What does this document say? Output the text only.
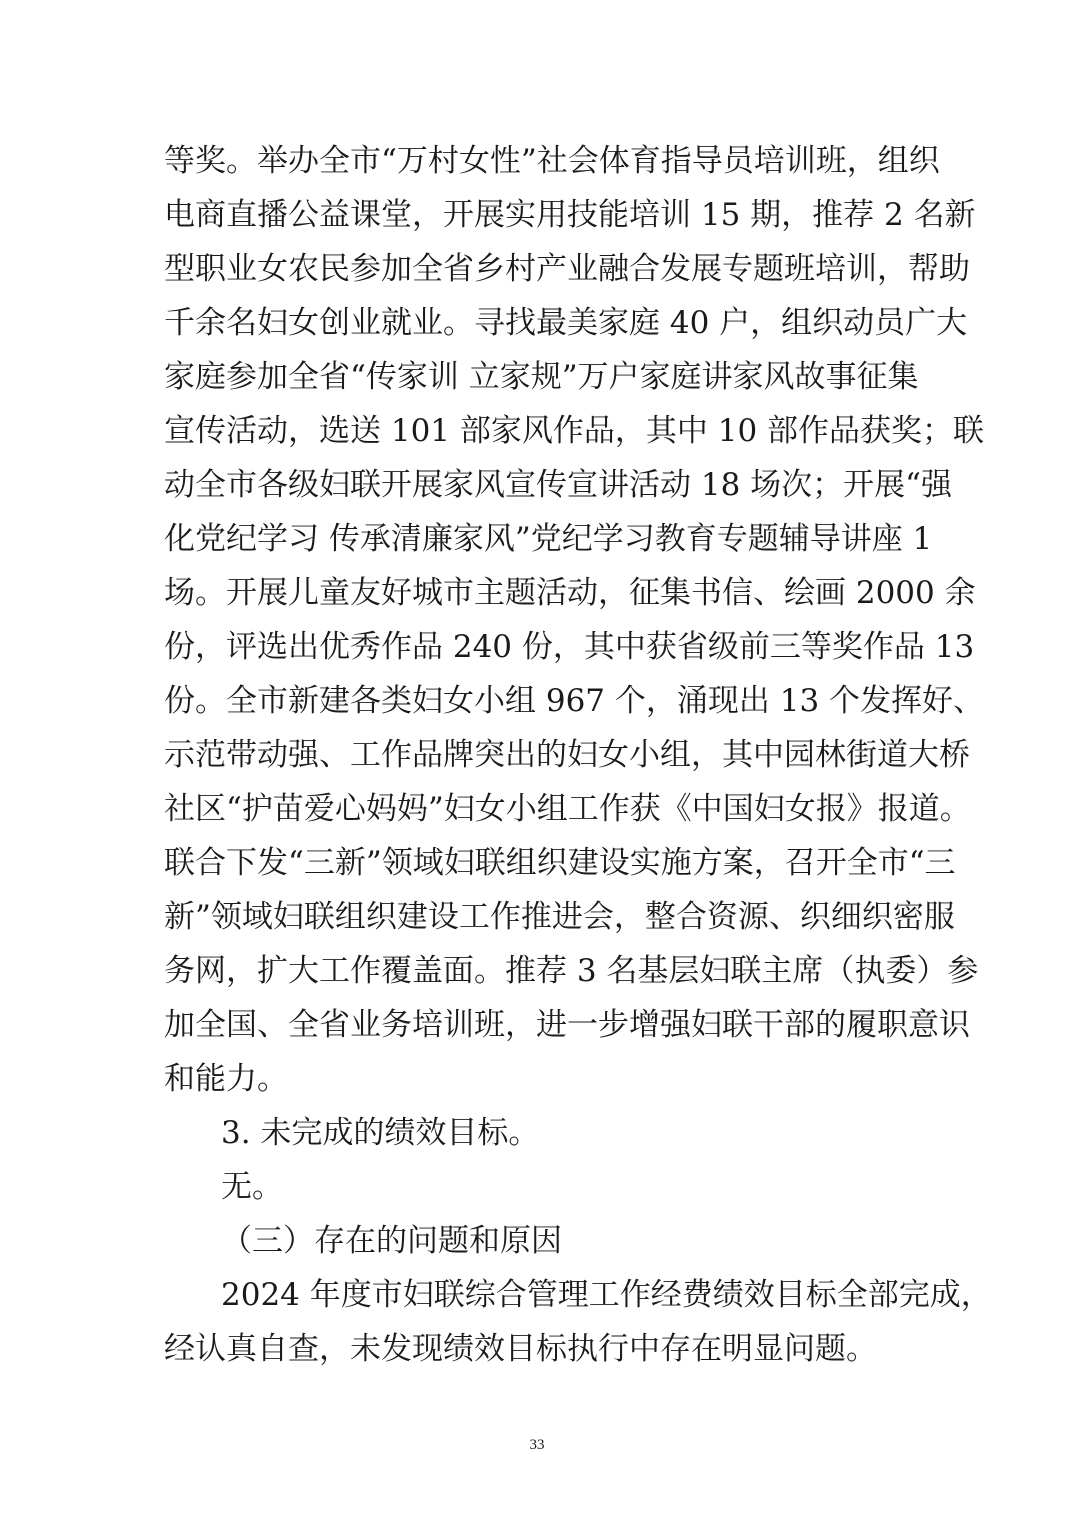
等奖。举办全市“万村女性”社会体育指导员培训班，组织
电商直播公益课堂，开展实用技能培训 15 期，推荐 2 名新
型职业女农民参加全省乡村产业融合发展专题班培训，帮助
千余名妇女创业就业。寻找最美家庭 40 户，组织动员广大
家庭参加全省“传家训 立家规”万户家庭讲家风故事征集
宣传活动，选送 101 部家风作品，其中 10 部作品获奖；联
动全市各级妇联开展家风宣传宣讲活动 18 场次；开展“强
化党纪学习 传承清廉家风”党纪学习教育专题辅导讲座 1
场。开展儿童友好城市主题活动，征集书信、绘画 2000 余
份，评选出优秀作品 240 份，其中获省级前三等奖作品 13
份。全市新建各类妇女小组 967 个，涌现出 13 个发挥好、
示范带动强、工作品牌突出的妇女小组，其中园林街道大桥
社区“护苗爱心妈妈”妇女小组工作获《中国妇女报》报道。
联合下发“三新”领域妇联组织建设实施方案，召开全市“三
新”领域妇联组织建设工作推进会，整合资源、织细织密服
务网，扩大工作覆盖面。推荐 3 名基层妇联主席（执委）参
加全国、全省业务培训班，进一步增强妇联干部的履职意识
和能力。
3. 未完成的绩效目标。
无。
（三）存在的问题和原因
2024 年度市妇联综合管理工作经费绩效目标全部完成，
经认真自查，未发现绩效目标执行中存在明显问题。
33
